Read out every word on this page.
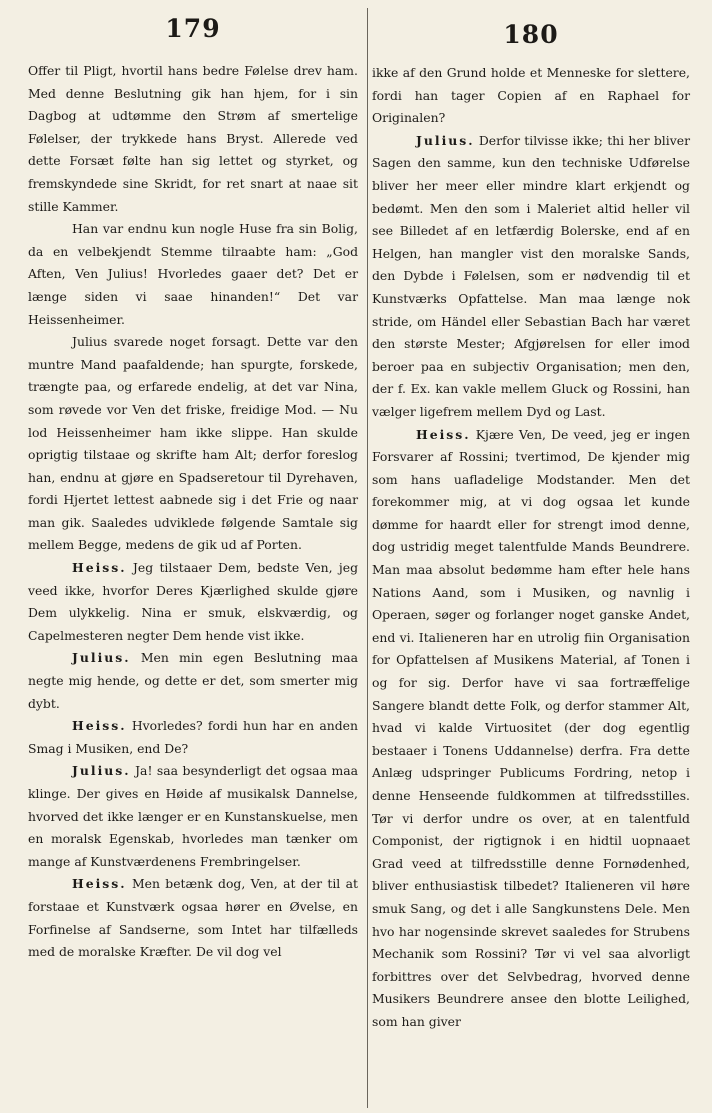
179

Offer til Pligt, hvortil hans bedre Følelse drev ham. Med denne Beslutning gik han hjem, for i sin Dagbog at udtømme den Strøm af smertelige Følelser, der trykkede hans Bryst. Allerede ved dette Forsæt følte han sig lettet og styrket, og fremskyndede sine Skridt, for ret snart at naae sit stille Kammer.

Han var endnu kun nogle Huse fra sin Bolig, da en velbekjendt Stemme tilraabte ham: „God Aften, Ven Julius! Hvorledes gaaer det? Det er længe siden vi saae hinanden!“ Det var Heissenheimer.

Julius svarede noget forsagt. Dette var den muntre Mand paafaldende; han spurgte, forskede, trængte paa, og erfarede endelig, at det var Nina, som røvede vor Ven det friske, freidige Mod. — Nu lod Heissenheimer ham ikke slippe. Han skulde oprigtig tilstaae og skrifte ham Alt; derfor foreslog han, endnu at gjøre en Spadseretour til Dyrehaven, fordi Hjertet lettest aabnede sig i det Frie og naar man gik. Saaledes udviklede følgende Samtale sig mellem Begge, medens de gik ud af Porten.

Heiss. Jeg tilstaaer Dem, bedste Ven, jeg veed ikke, hvorfor Deres Kjærlighed skulde gjøre Dem ulykkelig. Nina er smuk, elskværdig, og Capelmesteren negter Dem hende vist ikke.

Julius. Men min egen Beslutning maa negte mig hende, og dette er det, som smerter mig dybt.

Heiss. Hvorledes? fordi hun har en anden Smag i Musiken, end De?

Julius. Ja! saa besynderligt det ogsaa maa klinge. Der gives en Høide af musikalsk Dannelse, hvorved det ikke længer er en Kunstanskuelse, men en moralsk Egenskab, hvorledes man tænker om mange af Kunstværdenens Frembringelser.

Heiss. Men betænk dog, Ven, at der til at forstaae et Kunstværk ogsaa hører en Øvelse, en Forfinelse af Sandserne, som Intet har tilfælleds med de moralske Kræfter. De vil dog vel

180

ikke af den Grund holde et Menneske for slettere, fordi han tager Copien af en Raphael for Originalen?

Julius. Derfor tilvisse ikke; thi her bliver Sagen den samme, kun den techniske Udførelse bliver her meer eller mindre klart erkjendt og bedømt. Men den som i Maleriet altid heller vil see Billedet af en letfærdig Bolerske, end af en Helgen, han mangler vist den moralske Sands, den Dybde i Følelsen, som er nødvendig til et Kunstværks Opfattelse. Man maa længe nok stride, om Händel eller Sebastian Bach har været den største Mester; Afgjørelsen for eller imod beroer paa en subjectiv Organisation; men den, der f. Ex. kan vakle mellem Gluck og Rossini, han vælger ligefrem mellem Dyd og Last.

Heiss. Kjære Ven, De veed, jeg er ingen Forsvarer af Rossini; tvertimod, De kjender mig som hans uafladelige Modstander. Men det forekommer mig, at vi dog ogsaa let kunde dømme for haardt eller for strengt imod denne, dog ustridig meget talentfulde Mands Beundrere. Man maa absolut bedømme ham efter hele hans Nations Aand, som i Musiken, og navnlig i Operaen, søger og forlanger noget ganske Andet, end vi. Italieneren har en utrolig fiin Organisation for Opfattelsen af Musikens Material, af Tonen i og for sig. Derfor have vi saa fortræffelige Sangere blandt dette Folk, og derfor stammer Alt, hvad vi kalde Virtuositet (der dog egentlig bestaaer i Tonens Uddannelse) derfra. Fra dette Anlæg udspringer Publicums Fordring, netop i denne Henseende fuldkommen at tilfredsstilles. Tør vi derfor undre os over, at en talentfuld Componist, der rigtignok i en hidtil uopnaaet Grad veed at tilfredsstille denne Fornødenhed, bliver enthusiastisk tilbedet? Italieneren vil høre smuk Sang, og det i alle Sangkunstens Dele. Men hvo har nogensinde skrevet saaledes for Strubens Mechanik som Rossini? Tør vi vel saa alvorligt forbittres over det Selvbedrag, hvorved denne Musikers Beundrere ansee den blotte Leilighed, som han giver
